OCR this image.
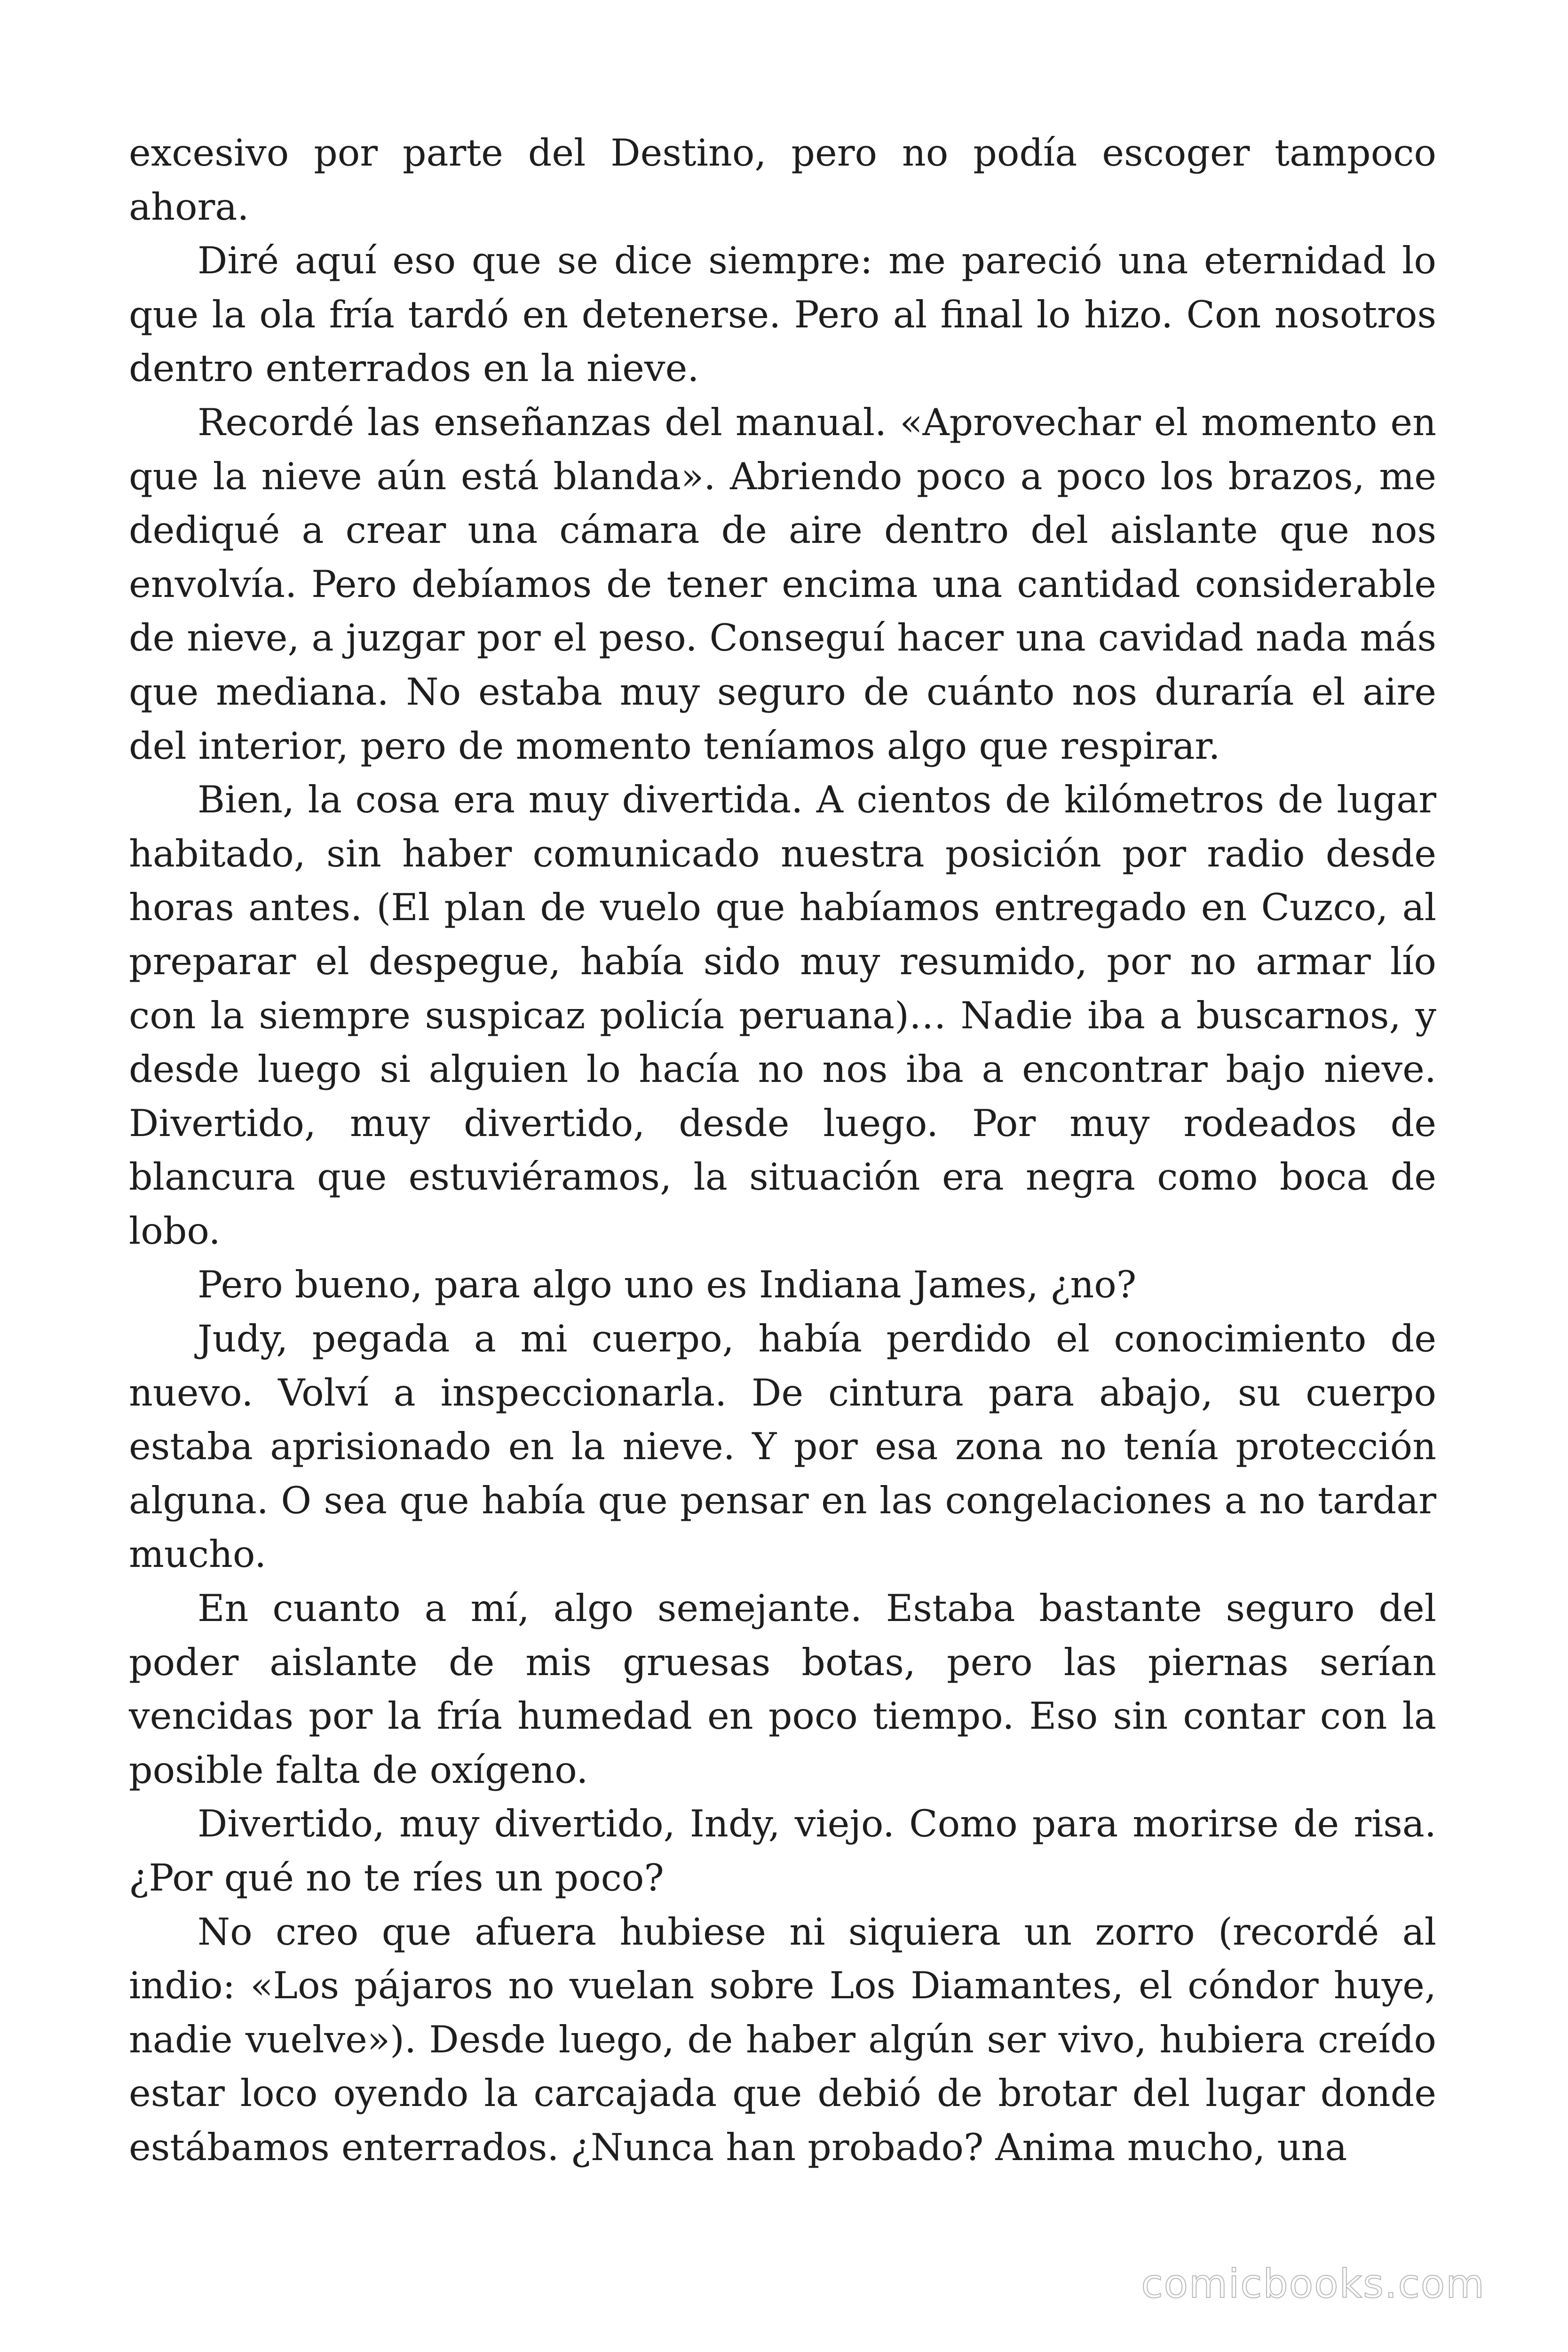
excesivo por parte del Destino, pero no podía escoger tampoco ahora.

Diré aquí eso que se dice siempre: me pareció una eternidad lo que la ola fría tardó en detenerse. Pero al final lo hizo. Con nosotros dentro enterrados en la nieve.

Recordé las enseñanzas del manual. «Aprovechar el momento en que la nieve aún está blanda». Abriendo poco a poco los brazos, me dediqué a crear una cámara de aire dentro del aislante que nos envolvía. Pero debíamos de tener encima una cantidad considerable de nieve, a juzgar por el peso. Conseguí hacer una cavidad nada más que mediana. No estaba muy seguro de cuánto nos duraría el aire del interior, pero de momento teníamos algo que respirar.

Bien, la cosa era muy divertida. A cientos de kilómetros de lugar habitado, sin haber comunicado nuestra posición por radio desde horas antes. (El plan de vuelo que habíamos entregado en Cuzco, al preparar el despegue, había sido muy resumido, por no armar lío con la siempre suspicaz policía peruana)… Nadie iba a buscarnos, y desde luego si alguien lo hacía no nos iba a encontrar bajo nieve. Divertido, muy divertido, desde luego. Por muy rodeados de blancura que estuviéramos, la situación era negra como boca de lobo.

Pero bueno, para algo uno es Indiana James, ¿no?

Judy, pegada a mi cuerpo, había perdido el conocimiento de nuevo. Volví a inspeccionarla. De cintura para abajo, su cuerpo estaba aprisionado en la nieve. Y por esa zona no tenía protección alguna. O sea que había que pensar en las congelaciones a no tardar mucho.

En cuanto a mí, algo semejante. Estaba bastante seguro del poder aislante de mis gruesas botas, pero las piernas serían vencidas por la fría humedad en poco tiempo. Eso sin contar con la posible falta de oxígeno.

Divertido, muy divertido, Indy, viejo. Como para morirse de risa. ¿Por qué no te ríes un poco?

No creo que afuera hubiese ni siquiera un zorro (recordé al indio: «Los pájaros no vuelan sobre Los Diamantes, el cóndor huye, nadie vuelve»). Desde luego, de haber algún ser vivo, hubiera creído estar loco oyendo la carcajada que debió de brotar del lugar donde estábamos enterrados. ¿Nunca han probado? Anima mucho, una

comicbooks.com
